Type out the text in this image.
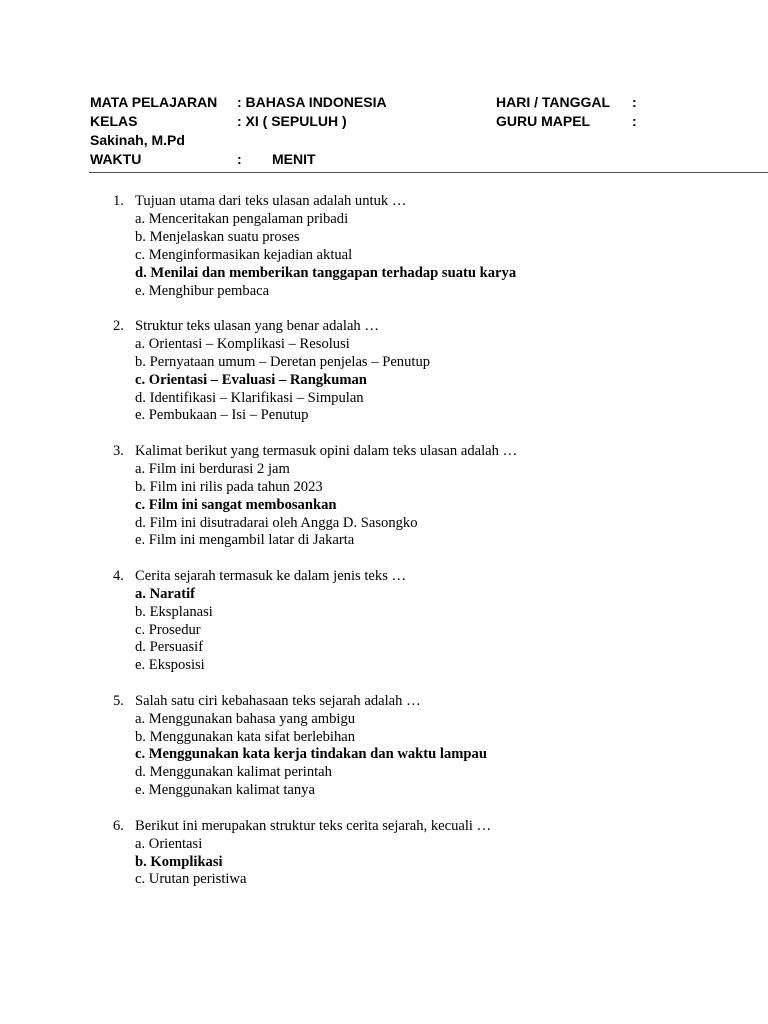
MATA PELAJARAN : BAHASA INDONESIA	HARI / TANGGAL :
KELAS	: XI ( SEPULUH )	GURU MAPEL	:
Sakinah, M.Pd
WAKTU	: MENIT
1. Tujuan utama dari teks ulasan adalah untuk …
a. Menceritakan pengalaman pribadi
b. Menjelaskan suatu proses
c. Menginformasikan kejadian aktual
d. Menilai dan memberikan tanggapan terhadap suatu karya
e. Menghibur pembaca
2. Struktur teks ulasan yang benar adalah …
a. Orientasi – Komplikasi – Resolusi
b. Pernyataan umum – Deretan penjelas – Penutup
c. Orientasi – Evaluasi – Rangkuman
d. Identifikasi – Klarifikasi – Simpulan
e. Pembukaan – Isi – Penutup
3. Kalimat berikut yang termasuk opini dalam teks ulasan adalah …
a. Film ini berdurasi 2 jam
b. Film ini rilis pada tahun 2023
c. Film ini sangat membosankan
d. Film ini disutradarai oleh Angga D. Sasongko
e. Film ini mengambil latar di Jakarta
4. Cerita sejarah termasuk ke dalam jenis teks …
a. Naratif
b. Eksplanasi
c. Prosedur
d. Persuasif
e. Eksposisi
5. Salah satu ciri kebahasaan teks sejarah adalah …
a. Menggunakan bahasa yang ambigu
b. Menggunakan kata sifat berlebihan
c. Menggunakan kata kerja tindakan dan waktu lampau
d. Menggunakan kalimat perintah
e. Menggunakan kalimat tanya
6. Berikut ini merupakan struktur teks cerita sejarah, kecuali …
a. Orientasi
b. Komplikasi
c. Urutan peristiwa
